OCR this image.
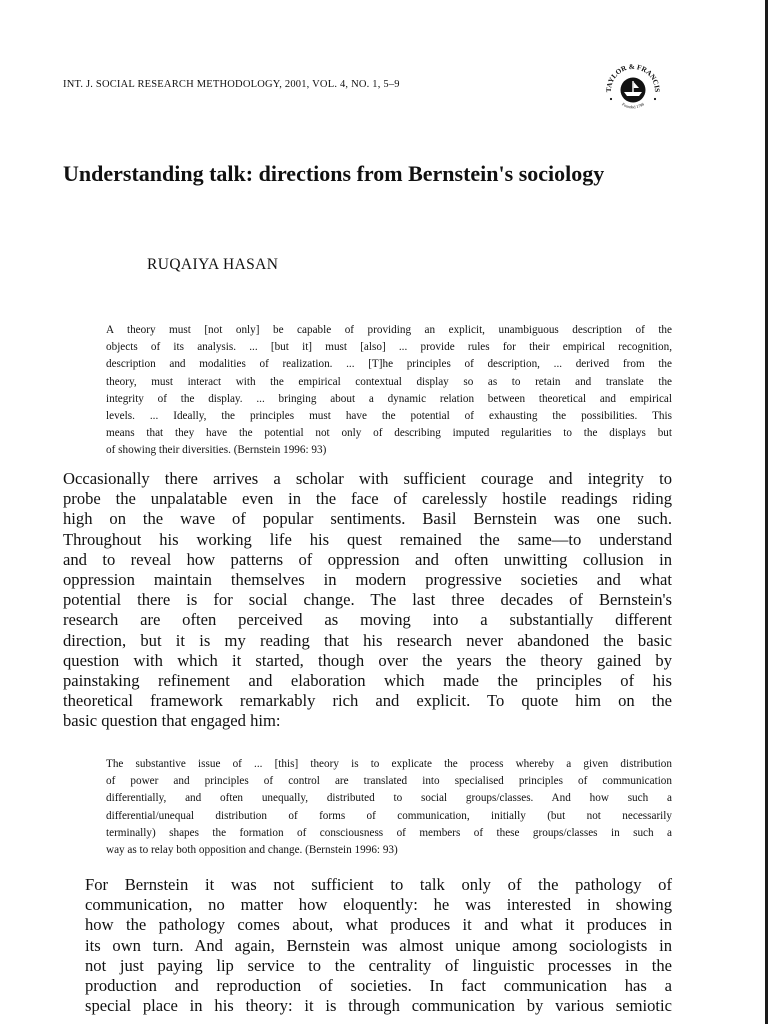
INT. J. SOCIAL RESEARCH METHODOLOGY, 2001, VOL. 4, NO. 1, 5–9
TAYLOR & FRANCIS
Founded 1798
Understanding talk: directions from Bernstein's sociology
RUQAIYA HASAN
A theory must [not only] be capable of providing an explicit, unambiguous description of the
objects of its analysis. ... [but it] must [also] ... provide rules for their empirical recognition,
description and modalities of realization. ... [T]he principles of description, ... derived from the
theory, must interact with the empirical contextual display so as to retain and translate the
integrity of the display. ... bringing about a dynamic relation between theoretical and empirical
levels. ... Ideally, the principles must have the potential of exhausting the possibilities. This
means that they have the potential not only of describing imputed regularities to the displays but
of showing their diversities. (Bernstein 1996: 93)
Occasionally there arrives a scholar with sufficient courage and integrity to
probe the unpalatable even in the face of carelessly hostile readings riding
high on the wave of popular sentiments. Basil Bernstein was one such.
Throughout his working life his quest remained the same—to understand
and to reveal how patterns of oppression and often unwitting collusion in
oppression maintain themselves in modern progressive societies and what
potential there is for social change. The last three decades of Bernstein's
research are often perceived as moving into a substantially different
direction, but it is my reading that his research never abandoned the basic
question with which it started, though over the years the theory gained by
painstaking refinement and elaboration which made the principles of his
theoretical framework remarkably rich and explicit. To quote him on the
basic question that engaged him:
The substantive issue of ... [this] theory is to explicate the process whereby a given distribution
of power and principles of control are translated into specialised principles of communication
differentially, and often unequally, distributed to social groups/classes. And how such a
differential/unequal distribution of forms of communication, initially (but not necessarily
terminally) shapes the formation of consciousness of members of these groups/classes in such a
way as to relay both opposition and change. (Bernstein 1996: 93)
For Bernstein it was not sufficient to talk only of the pathology of
communication, no matter how eloquently: he was interested in showing
how the pathology comes about, what produces it and what it produces in
its own turn. And again, Bernstein was almost unique among sociologists in
not just paying lip service to the centrality of linguistic processes in the
production and reproduction of societies. In fact communication has a
special place in his theory: it is through communication by various semiotic
